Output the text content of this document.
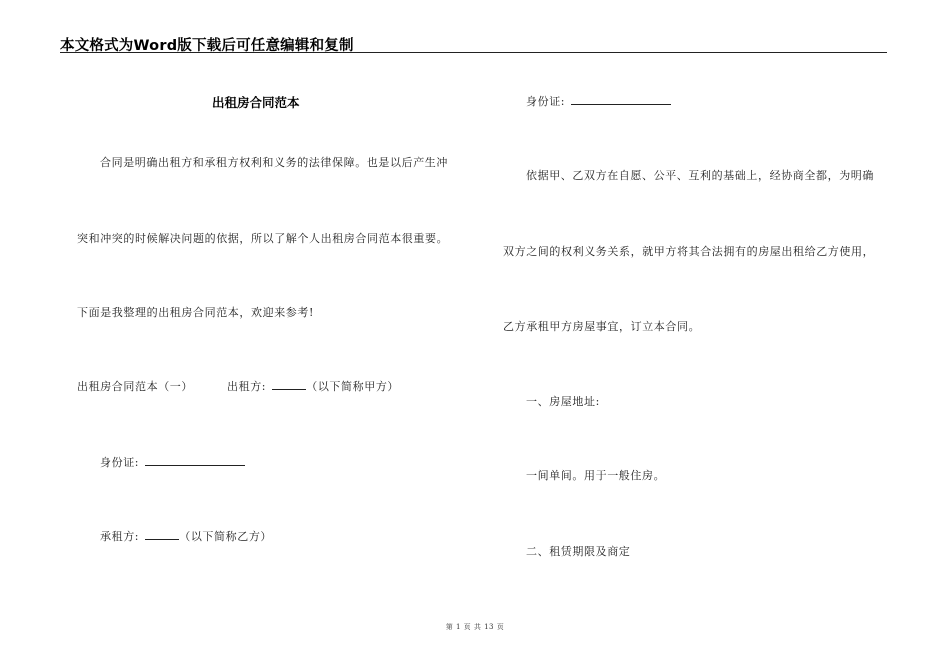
本文格式为Word版下载后可任意编辑和复制
出租房合同范本
合同是明确出租方和承租方权利和义务的法律保障。也是以后产生冲
突和冲突的时候解决问题的依据，所以了解个人出租房合同范本很重要。
下面是我整理的出租房合同范本，欢迎来参考!
出租房合同范本（一）	出租方:	（以下简称甲方）
身份证:
承租方:	（以下简称乙方）
身份证:
依据甲、乙双方在自愿、公平、互利的基础上，经协商全都，为明确
双方之间的权利义务关系，就甲方将其合法拥有的房屋出租给乙方使用，
乙方承租甲方房屋事宜，订立本合同。
一、房屋地址:
一间单间。用于一般住房。
二、租赁期限及商定
第 1 页 共 13 页
